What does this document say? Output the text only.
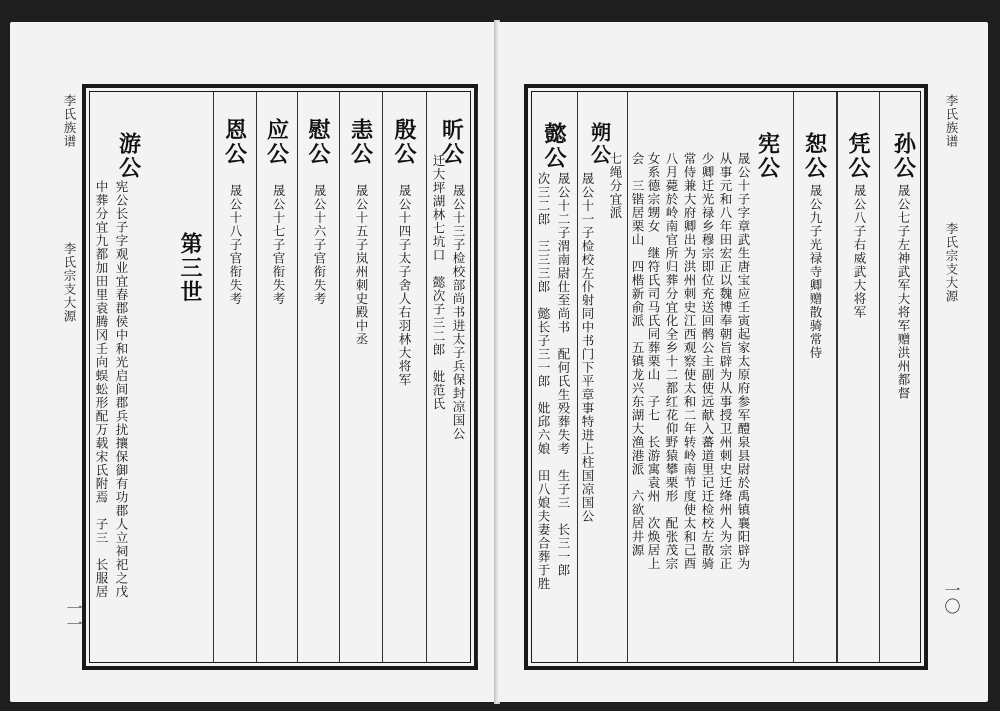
李氏族谱
李氏宗支大源
一一
昕公
晟公十三子检校部尚书进太子兵保封凉国公
迁大坪湖林七坑口　懿次子三二郎　妣范氏
殷公
晟公十四子太子舍人右羽林大将军
恚公
晟公十五子岚州刺史殿中丞
慰公
晟公十六子官衔失考
应公
晟公十七子官衔失考
恩公
晟公十八子官衔失考
第三世
游公
宪公长子字观业宜春郡侯中和光启间郡兵扰攘保御有功郡人立祠祀之戊
中葬分宜九都加田里袁腾冈壬向蜈蚣形配万载宋氏附焉　子三　长服居
孙公
晟公七子左神武军大将军赠洪州都督
凭公
晟公八子右威武大将军
恕公
晟公九子光禄寺卿赠散骑常侍
宪公
晟公十子字章武生唐宝应壬寅起家太原府参军醴泉县尉於禹镇襄阳辟为
从事元和八年田宏正以魏博奉朝旨辟为从事授卫州刺史迁绛州人为宗正
少卿迁光禄乡穆宗即位充送回鹘公主副使远献入蕃道里记迁检校左散骑
常侍兼大府卿出为洪州刺史江西观察使太和二年转岭南节度使太和己酉
八月薨於岭南官所归葬分宜化全乡十二都红花仰野猿攀栗形　配张茂宗
女系德宗甥女　继符氏司马氏同葬栗山　子七　长游寓袁州　次焕居上
会　三锴居栗山　四楷新俞派　五镇龙兴东湖大渔港派　六欲居井源
七绳分宜派
朔公
晟公十一子检校左仆射同中书门下平章事特进上柱国凉国公
懿公
晟公十二子渭南尉仕至尚书　配何氏生殁葬失考　生子三　长三一郎
次三二郎　三三三郎　懿长子三一郎　妣邱六娘　田八娘夫妻合葬于胜
李氏族谱
李氏宗支大源
一〇
